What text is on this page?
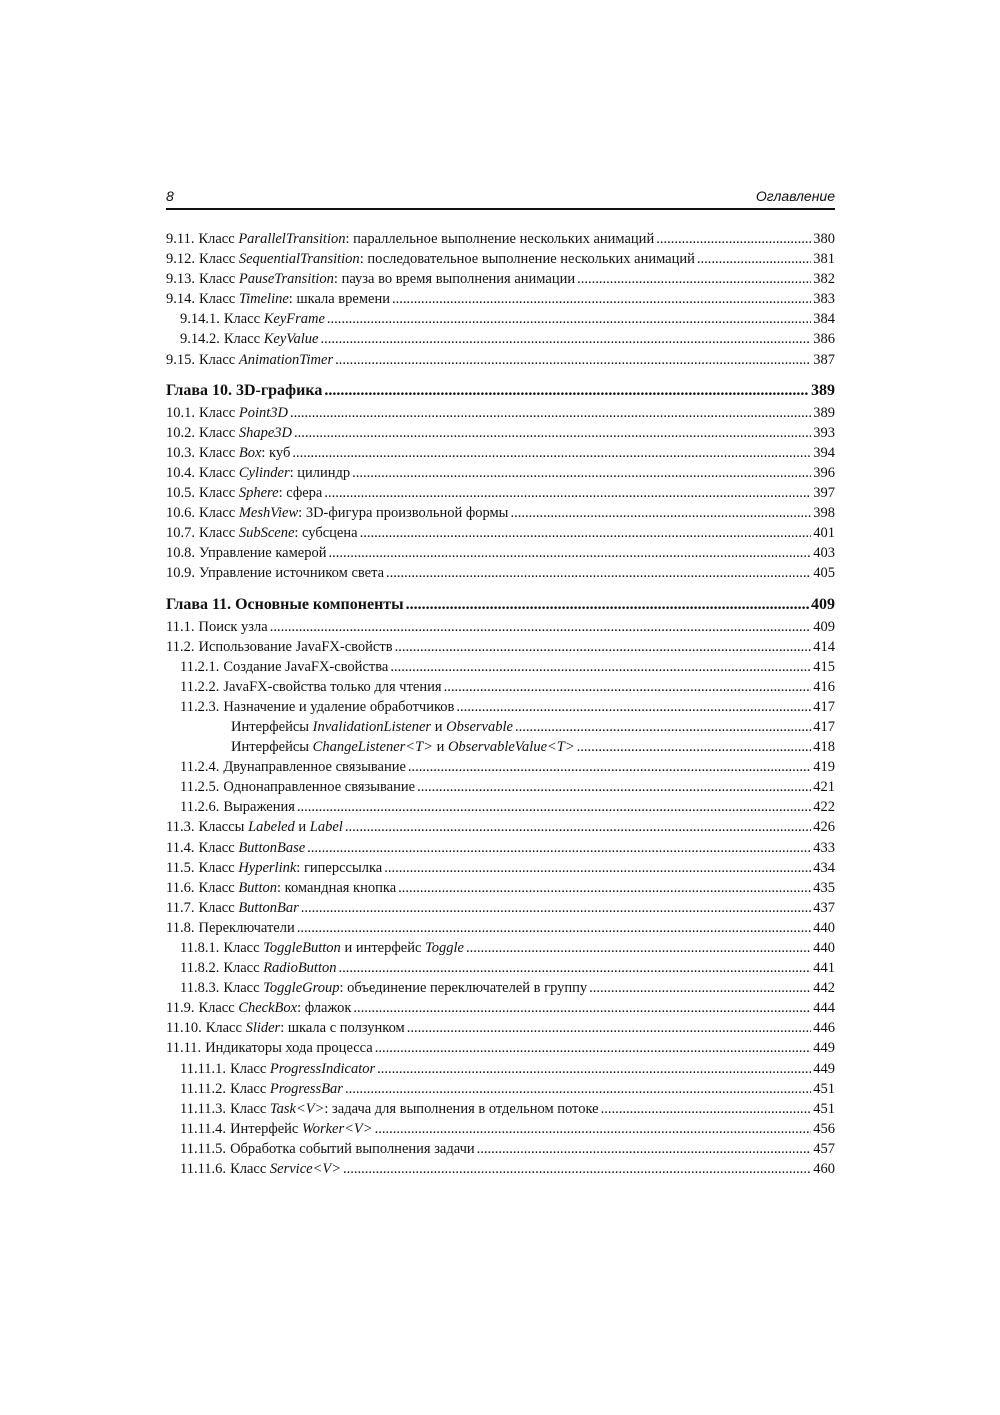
8	Оглавление
9.11. Класс ParallelTransition: параллельное выполнение нескольких анимаций .....	380
9.12. Класс SequentialTransition: последовательное выполнение нескольких анимаций .....	381
9.13. Класс PauseTransition: пауза во время выполнения анимации .....	382
9.14. Класс Timeline: шкала времени .....	383
9.14.1. Класс KeyFrame .....	384
9.14.2. Класс KeyValue .....	386
9.15. Класс AnimationTimer .....	387
Глава 10. 3D-графика .....	389
10.1. Класс Point3D .....	389
10.2. Класс Shape3D .....	393
10.3. Класс Box: куб .....	394
10.4. Класс Cylinder: цилиндр .....	396
10.5. Класс Sphere: сфера .....	397
10.6. Класс MeshView: 3D-фигура произвольной формы .....	398
10.7. Класс SubScene: субсцена .....	401
10.8. Управление камерой .....	403
10.9. Управление источником света .....	405
Глава 11. Основные компоненты .....	409
11.1. Поиск узла .....	409
11.2. Использование JavaFX-свойств .....	414
11.2.1. Создание JavaFX-свойства .....	415
11.2.2. JavaFX-свойства только для чтения .....	416
11.2.3. Назначение и удаление обработчиков .....	417
Интерфейсы InvalidationListener и Observable .....	417
Интерфейсы ChangeListener<T> и ObservableValue<T> .....	418
11.2.4. Двунаправленное связывание .....	419
11.2.5. Однонаправленное связывание .....	421
11.2.6. Выражения .....	422
11.3. Классы Labeled и Label .....	426
11.4. Класс ButtonBase .....	433
11.5. Класс Hyperlink: гиперссылка .....	434
11.6. Класс Button: командная кнопка .....	435
11.7. Класс ButtonBar .....	437
11.8. Переключатели .....	440
11.8.1. Класс ToggleButton и интерфейс Toggle .....	440
11.8.2. Класс RadioButton .....	441
11.8.3. Класс ToggleGroup: объединение переключателей в группу .....	442
11.9. Класс CheckBox: флажок .....	444
11.10. Класс Slider: шкала с ползунком .....	446
11.11. Индикаторы хода процесса .....	449
11.11.1. Класс ProgressIndicator .....	449
11.11.2. Класс ProgressBar .....	451
11.11.3. Класс Task<V>: задача для выполнения в отдельном потоке .....	451
11.11.4. Интерфейс Worker<V> .....	456
11.11.5. Обработка событий выполнения задачи .....	457
11.11.6. Класс Service<V> .....	460
